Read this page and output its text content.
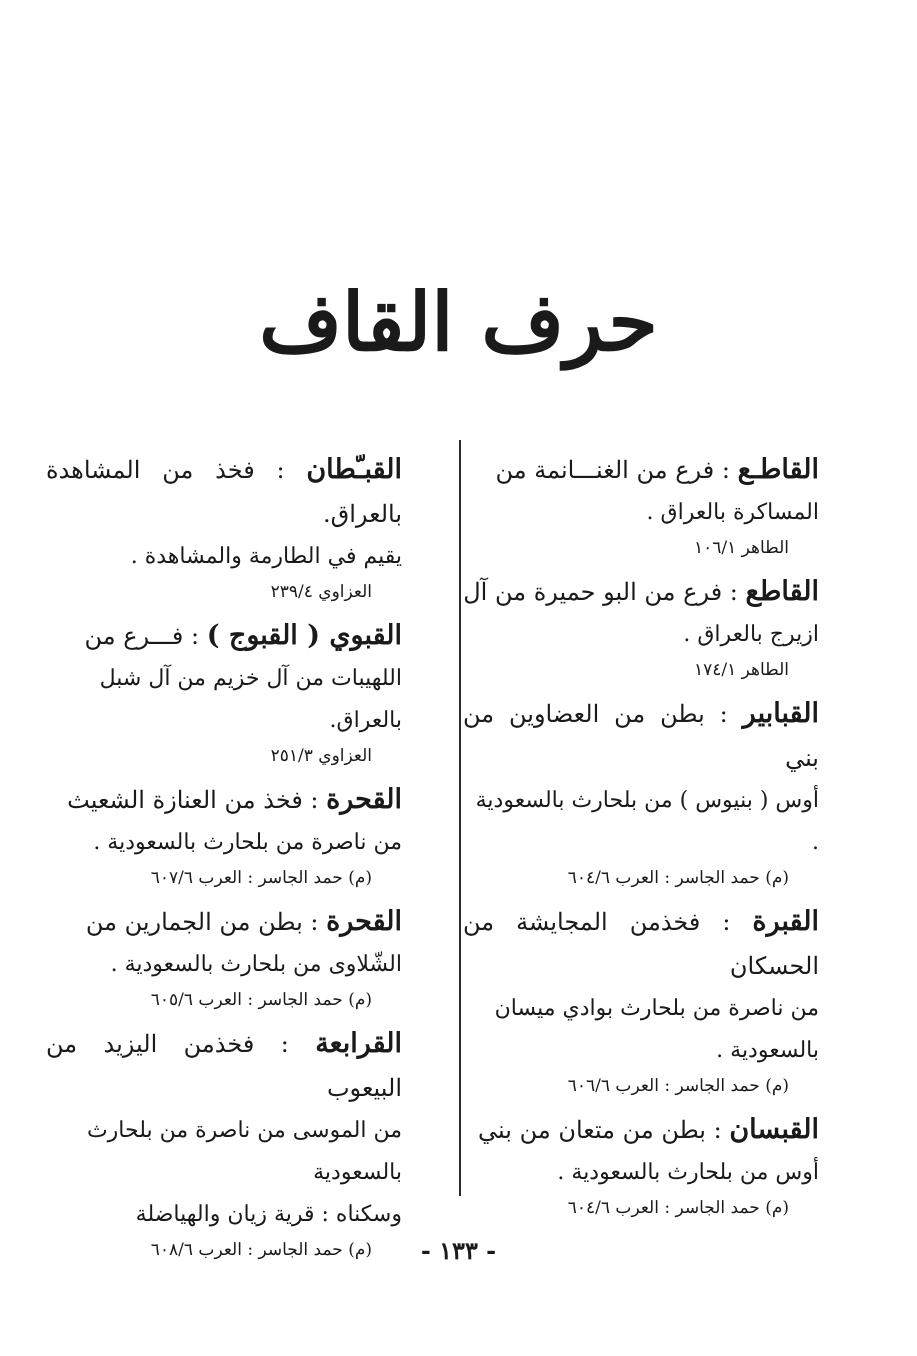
حرف القاف
القاطـع : فرع من الغنـــانمة من
المساكرة بالعراق .
الطاهر ١٠٦/١
القاطع : فرع من البو حميرة من آل
ازيرج بالعراق .
الطاهر ١٧٤/١
القبابير : بطن من العضاوين من بني
أوس ( بنيوس ) من بلحارث بالسعودية .
(م) حمد الجاسر : العرب ٦٠٤/٦
القبرة : فخذمن المجايشة من الحسكان
من ناصرة من بلحارث بوادي ميسان
بالسعودية .
(م) حمد الجاسر : العرب ٦٠٦/٦
القبسان : بطن من متعان من بني
أوس من بلحارث بالسعودية .
(م) حمد الجاسر : العرب ٦٠٤/٦
القبـّطان : فخذ من المشاهدة بالعراق.
يقيم في الطارمة والمشاهدة .
العزاوي ٢٣٩/٤
القبوي ( القبوج ) : فـــرع من
اللهيبات من آل خزيم من آل شبل بالعراق.
العزاوي ٢٥١/٣
القحرة : فخذ من العنازة الشعيث
من ناصرة من بلحارث بالسعودية .
(م) حمد الجاسر : العرب ٦٠٧/٦
القحرة : بطن من الجمارين من
الشّلاوى من بلحارث بالسعودية .
(م) حمد الجاسر : العرب ٦٠٥/٦
القرابعة : فخذمن اليزيد من البيعوب
من الموسى من ناصرة من بلحارث بالسعودية
وسكناه : قرية زيان والهياضلة
(م) حمد الجاسر : العرب ٦٠٨/٦	- ١٣٣ -
